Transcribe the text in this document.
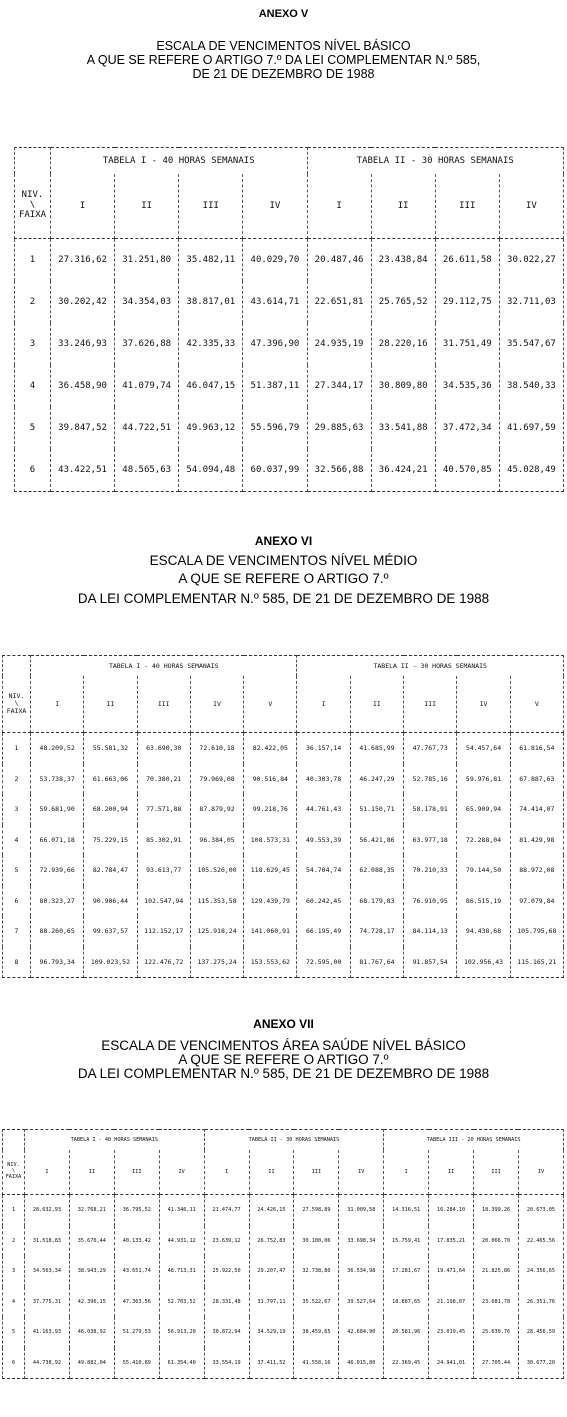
ANEXO V
ESCALA DE VENCIMENTOS NÍVEL BÁSICO
A QUE SE REFERE O ARTIGO 7.º DA LEI COMPLEMENTAR N.º 585,
DE 21 DE DEZEMBRO DE 1988
	TABELA I - 40 HORAS SEMANAIS				TABELA II - 30 HORAS SEMANAIS			

NIV.
\
FAIXA	I	II	III	IV	I	II	III	IV
1	27.316,62	31.251,80	35.482,11	40.029,70	20.487,46	23.438,84	26.611,58	30.022,27
2	30.202,42	34.354,03	38.817,01	43.614,71	22.651,81	25.765,52	29.112,75	32.711,03
3	33.246,93	37.626,88	42.335,33	47.396,90	24.935,19	28.220,16	31.751,49	35.547,67
4	36.458,90	41.079,74	46.047,15	51.387,11	27.344,17	30.809,80	34.535,36	38.540,33
5	39.847,52	44.722,51	49.963,12	55.596,79	29.885,63	33.541,88	37.472,34	41.697,59
6	43.422,51	48.565,63	54.094,48	60.037,99	32.566,88	36.424,21	40.570,85	45.028,49
ANEXO VI
ESCALA DE VENCIMENTOS NÍVEL MÉDIO
A QUE SE REFERE O ARTIGO 7.º
DA LEI COMPLEMENTAR N.º 585, DE 21 DE DEZEMBRO DE 1988
	TABELA I - 40 HORAS SEMANAIS					TABELA II - 30 HORAS SEMANAIS				

NIV.
\
FAIXA	I	II	III	IV	V	I	II	III	IV	V
1	48.209,52	55.581,32	63.690,30	72.610,18	82.422,05	36.157,14	41.685,99	47.767,73	54.457,64	61.816,54
2	53.738,37	61.663,06	70.380,21	79.969,08	90.516,84	40.303,78	46.247,29	52.785,16	59.976,81	67.887,63
3	59.681,90	68.200,94	77.571,88	87.879,92	99.218,76	44.761,43	51.150,71	58.178,91	65.909,94	74.414,07
4	66.071,18	75.229,15	85.302,91	96.384,05	108.573,31	49.553,39	56.421,86	63.977,18	72.288,04	81.429,98
5	72.939,66	82.784,47	93.613,77	105.526,00	118.629,45	54.704,74	62.088,35	70.210,33	79.144,50	88.972,08
6	80.323,27	90.906,44	102.547,94	115.353,58	129.439,79	60.242,45	68.179,83	76.910,95	86.515,19	97.079,84
7	88.260,65	99.637,57	112.152,17	125.918,24	141.060,91	66.195,49	74.728,17	84.114,13	94.438,68	105.795,68
8	96.793,34	109.023,52	122.476,72	137.275,24	153.553,62	72.595,00	81.767,64	91.857,54	102.956,43	115.165,21
ANEXO VII
ESCALA DE VENCIMENTOS ÁREA SAÚDE NÍVEL BÁSICO
A QUE SE REFERE O ARTIGO 7.º
DA LEI COMPLEMENTAR N.º 585, DE 21 DE DEZEMBRO DE 1988
	TABELA I - 40 HORAS SEMANAIS				TABELA II - 30 HORAS SEMANAIS				TABELA III - 20 HORAS SEMANAIS			

NIV.
\
FAIXA	I	II	III	IV	I	II	III	IV	I	II	III	IV
1	28.632,93	32.768,21	36.795,52	41.346,11	21.474,77	24.426,15	27.598,89	31.009,58	14.316,51	16.284,10	18.399,26	20.673,05
2	31.518,83	35.670,44	40.133,42	44.931,12	23.639,12	26.752,83	30.100,06	33.698,34	15.759,41	17.835,21	20.066,70	22.465,56
3	34.563,34	38.943,29	43.651,74	48.713,31	25.922,50	29.207,47	32.738,80	36.534,98	17.281,67	19.471,64	21.825,86	24.356,65
4	37.775,31	42.396,15	47.363,56	52.703,52	28.331,48	31.797,11	35.522,67	39.527,64	18.887,65	21.198,07	23.681,78	26.351,76
5	41.163,93	46.038,92	51.279,53	56.913,20	30.872,94	34.529,19	38.459,65	42.684,90	20.581,96	23.019,45	25.639,76	28.456,59
6	44.738,92	49.882,04	55.410,89	61.354,40	33.554,19	37.411,52	41.558,16	46.015,80	22.369,45	24.941,01	27.705,44	30.677,20
